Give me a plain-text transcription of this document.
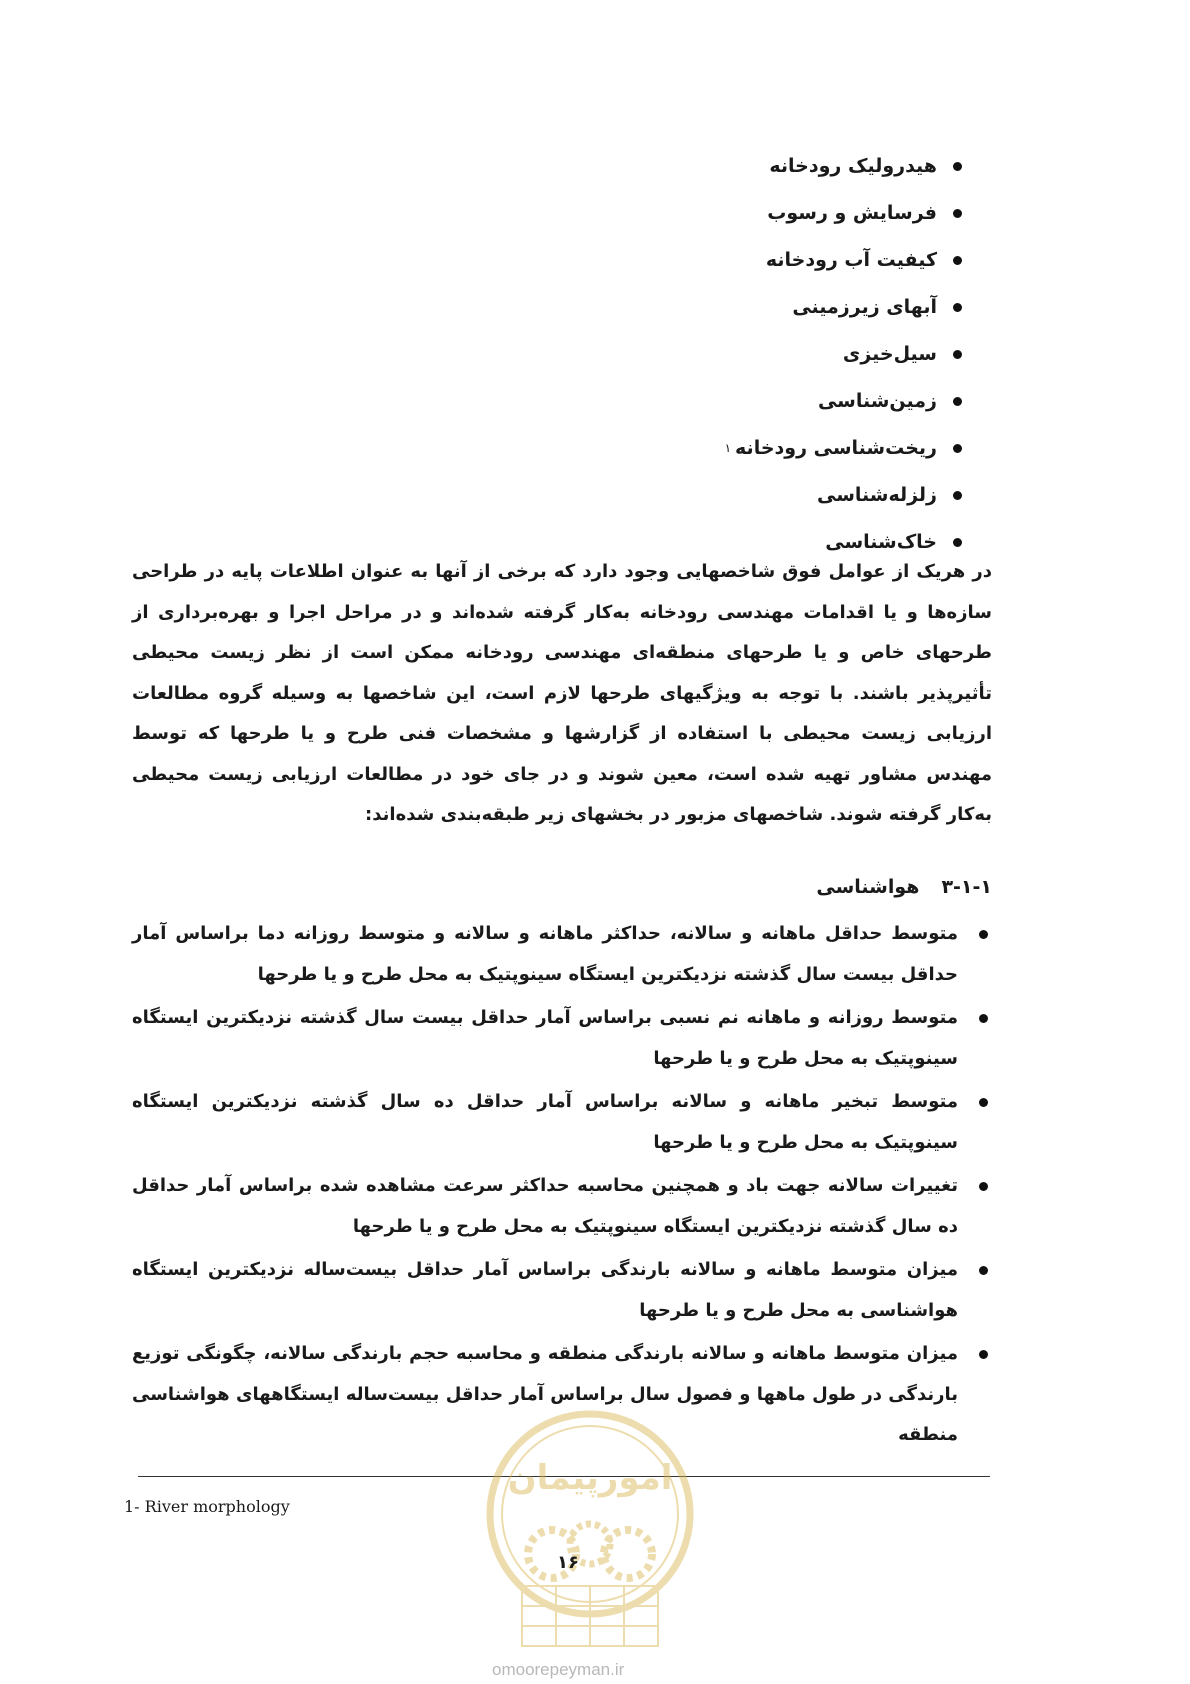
هیدرولیک رودخانه
فرسایش و رسوب
کیفیت آب رودخانه
آبهای زیرزمینی
سیل‌خیزی
زمین‌شناسی
ریخت‌شناسی رودخانه
۱
زلزله‌شناسی
خاک‌شناسی

در هریک از عوامل فوق شاخصهایی وجود دارد که برخی از آنها به عنوان اطلاعات پایه در طراحی سازه‌ها و یا اقدامات مهندسی رودخانه به‌کار گرفته شده‌اند و در مراحل اجرا و بهره‌برداری از طرحهای خاص و یا طرحهای منطقه‌ای مهندسی رودخانه ممکن است از نظر زیست محیطی تأثیرپذیر باشند. با توجه به ویژگیهای طرحها لازم است، این شاخصها به وسیله گروه مطالعات ارزیابی زیست محیطی با استفاده از گزارشها و مشخصات فنی طرح و یا طرحها که توسط مهندس مشاور تهیه شده است، معین شوند و در جای خود در مطالعات ارزیابی زیست محیطی به‌کار گرفته شوند. شاخصهای مزبور در بخشهای زیر طبقه‌بندی شده‌اند:

۳-۱-۱هواشناسی
متوسط حداقل ماهانه و سالانه، حداکثر ماهانه و سالانه و متوسط روزانه دما براساس آمار حداقل بیست سال گذشته نزدیکترین ایستگاه سینوپتیک به محل طرح و یا طرحها
متوسط روزانه و ماهانه نم نسبی براساس آمار حداقل بیست سال گذشته نزدیکترین ایستگاه سینوپتیک به محل طرح و یا طرحها
متوسط تبخیر ماهانه و سالانه براساس آمار حداقل ده سال گذشته نزدیکترین ایستگاه سینوپتیک به محل طرح و یا طرحها
تغییرات سالانه جهت باد و همچنین محاسبه حداکثر سرعت مشاهده شده براساس آمار حداقل ده سال گذشته نزدیکترین ایستگاه سینوپتیک به محل طرح و یا طرحها
میزان متوسط ماهانه و سالانه بارندگی براساس آمار حداقل بیست‌ساله نزدیکترین ایستگاه هواشناسی به محل طرح و یا طرحها
میزان متوسط ماهانه و سالانه بارندگی منطقه و محاسبه حجم بارندگی سالانه، چگونگی توزیع بارندگی در طول ماهها و فصول سال براساس آمار حداقل بیست‌ساله ایستگاههای هواشناسی منطقه
1- River morphology
امورپیمان
omoorepeyman.ir
۱۶
